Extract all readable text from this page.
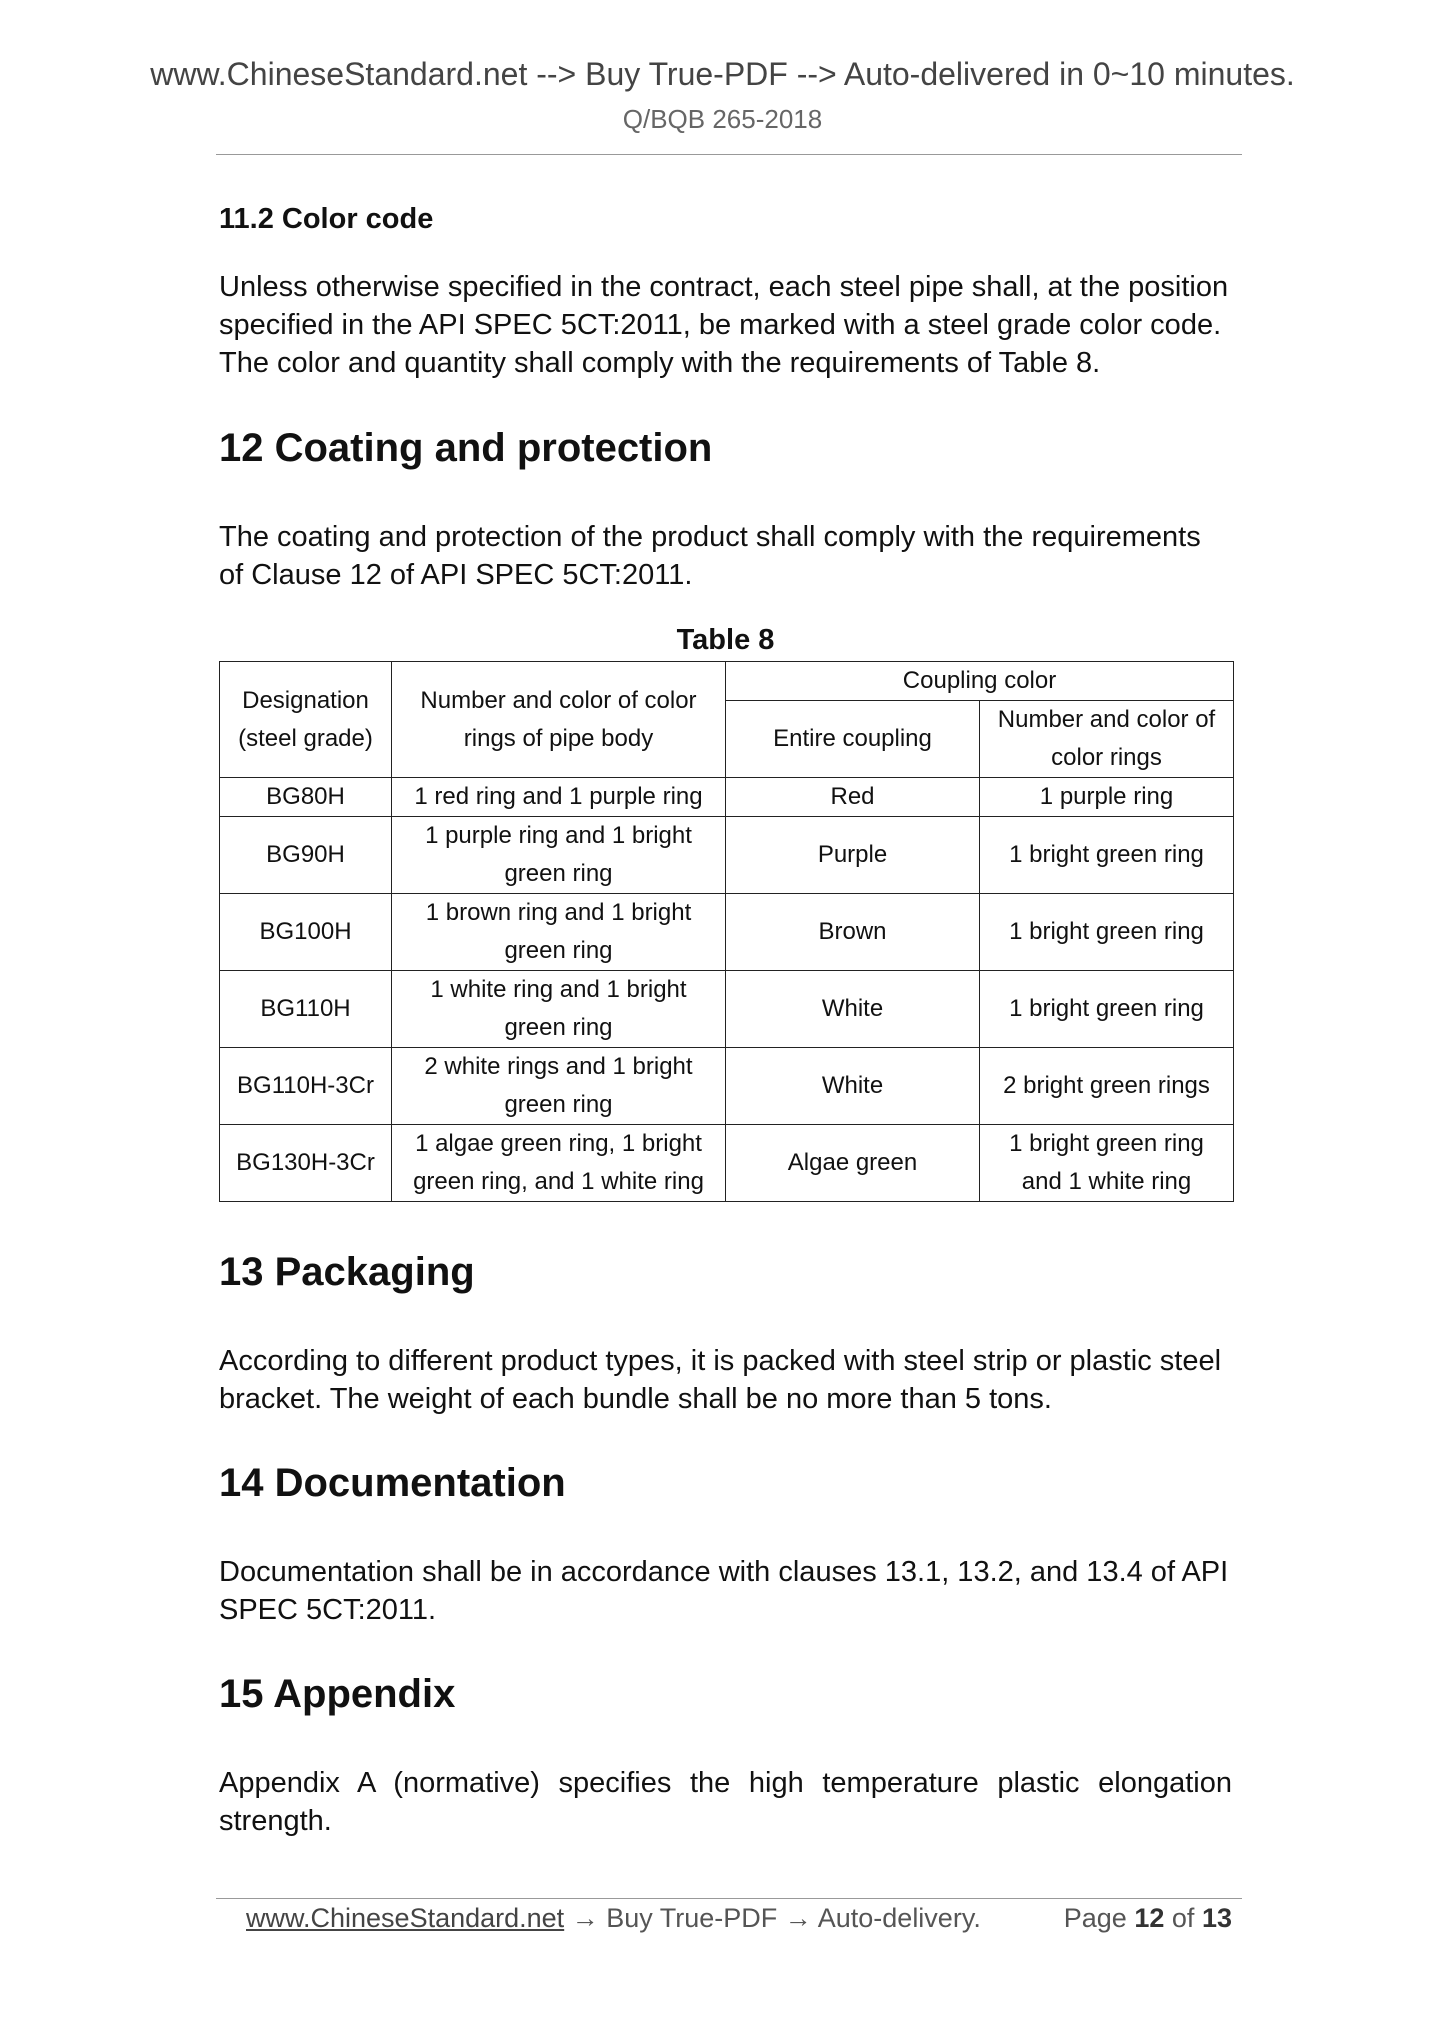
www.ChineseStandard.net --> Buy True-PDF --> Auto-delivered in 0~10 minutes.
Q/BQB 265-2018
11.2 Color code

Unless otherwise specified in the contract, each steel pipe shall, at the position specified in the API SPEC 5CT:2011, be marked with a steel grade color code. The color and quantity shall comply with the requirements of Table 8.

12 Coating and protection

The coating and protection of the product shall comply with the requirements of Clause 12 of API SPEC 5CT:2011.

Table 8
Designation (steel grade)	Number and color of color rings of pipe body	Coupling color	
		Entire coupling	Number and color of color rings
BG80H	1 red ring and 1 purple ring	Red	1 purple ring
BG90H	1 purple ring and 1 bright green ring	Purple	1 bright green ring
BG100H	1 brown ring and 1 bright green ring	Brown	1 bright green ring
BG110H	1 white ring and 1 bright green ring	White	1 bright green ring
BG110H-3Cr	2 white rings and 1 bright green ring	White	2 bright green rings
BG130H-3Cr	1 algae green ring, 1 bright green ring, and 1 white ring	Algae green	1 bright green ring and 1 white ring
13 Packaging

According to different product types, it is packed with steel strip or plastic steel bracket. The weight of each bundle shall be no more than 5 tons.

14 Documentation

Documentation shall be in accordance with clauses 13.1, 13.2, and 13.4 of API SPEC 5CT:2011.

15 Appendix

Appendix A (normative) specifies the high temperature plastic elongation strength.

www.ChineseStandard.net → Buy True-PDF → Auto-delivery.	Page 12 of 13
